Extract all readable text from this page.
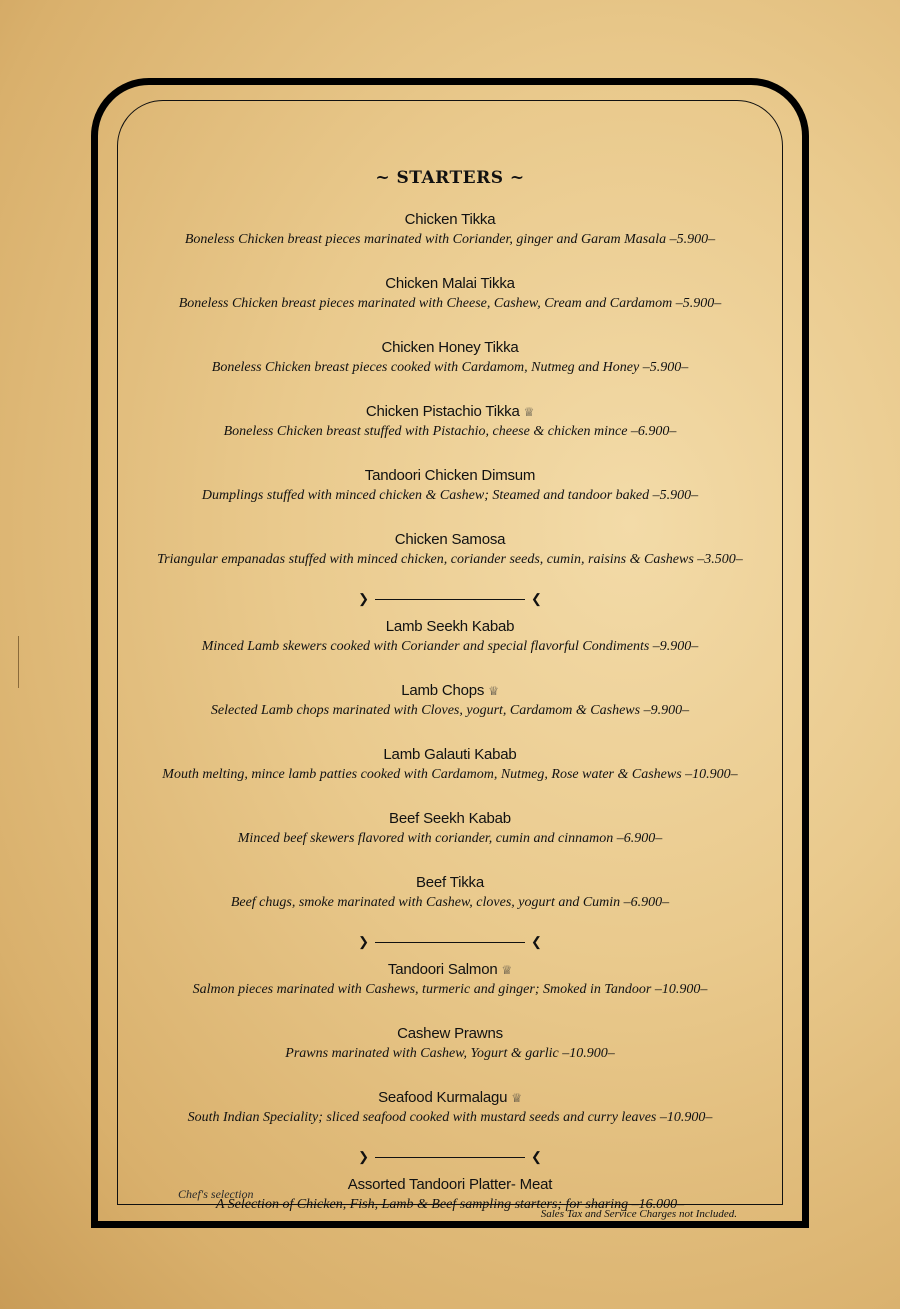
~ STARTERS ~
Chicken Tikka
Boneless Chicken breast pieces marinated with Coriander, ginger and Garam Masala –5.900–
Chicken Malai Tikka
Boneless Chicken breast pieces marinated with Cheese, Cashew, Cream and Cardamom –5.900–
Chicken Honey Tikka
Boneless Chicken breast pieces cooked with Cardamom, Nutmeg and Honey –5.900–
Chicken Pistachio Tikka ♕
Boneless Chicken breast stuffed with Pistachio, cheese & chicken mince –6.900–
Tandoori Chicken Dimsum
Dumplings stuffed with minced chicken & Cashew; Steamed and tandoor baked –5.900–
Chicken Samosa
Triangular empanadas stuffed with minced chicken, coriander seeds, cumin, raisins & Cashews –3.500–
❯	❮
Lamb Seekh Kabab
Minced Lamb skewers cooked with Coriander and special flavorful Condiments –9.900–
Lamb Chops ♕
Selected Lamb chops marinated with Cloves, yogurt, Cardamom & Cashews –9.900–
Lamb Galauti Kabab
Mouth melting, mince lamb patties cooked with Cardamom, Nutmeg, Rose water & Cashews –10.900–
Beef Seekh Kabab
Minced beef skewers flavored with coriander, cumin and cinnamon –6.900–
Beef Tikka
Beef chugs, smoke marinated with Cashew, cloves, yogurt and Cumin –6.900–
❯	❮
Tandoori Salmon ♕
Salmon pieces marinated with Cashews, turmeric and ginger; Smoked in Tandoor –10.900–
Cashew Prawns
Prawns marinated with Cashew, Yogurt & garlic –10.900–
Seafood Kurmalagu ♕
South Indian Speciality; sliced seafood cooked with mustard seeds and curry leaves –10.900–
❯	❮
Assorted Tandoori Platter- Meat
A Selection of Chicken, Fish, Lamb & Beef sampling starters; for sharing –16.000–
Chef's selection
Sales Tax and Service Charges not Included.
